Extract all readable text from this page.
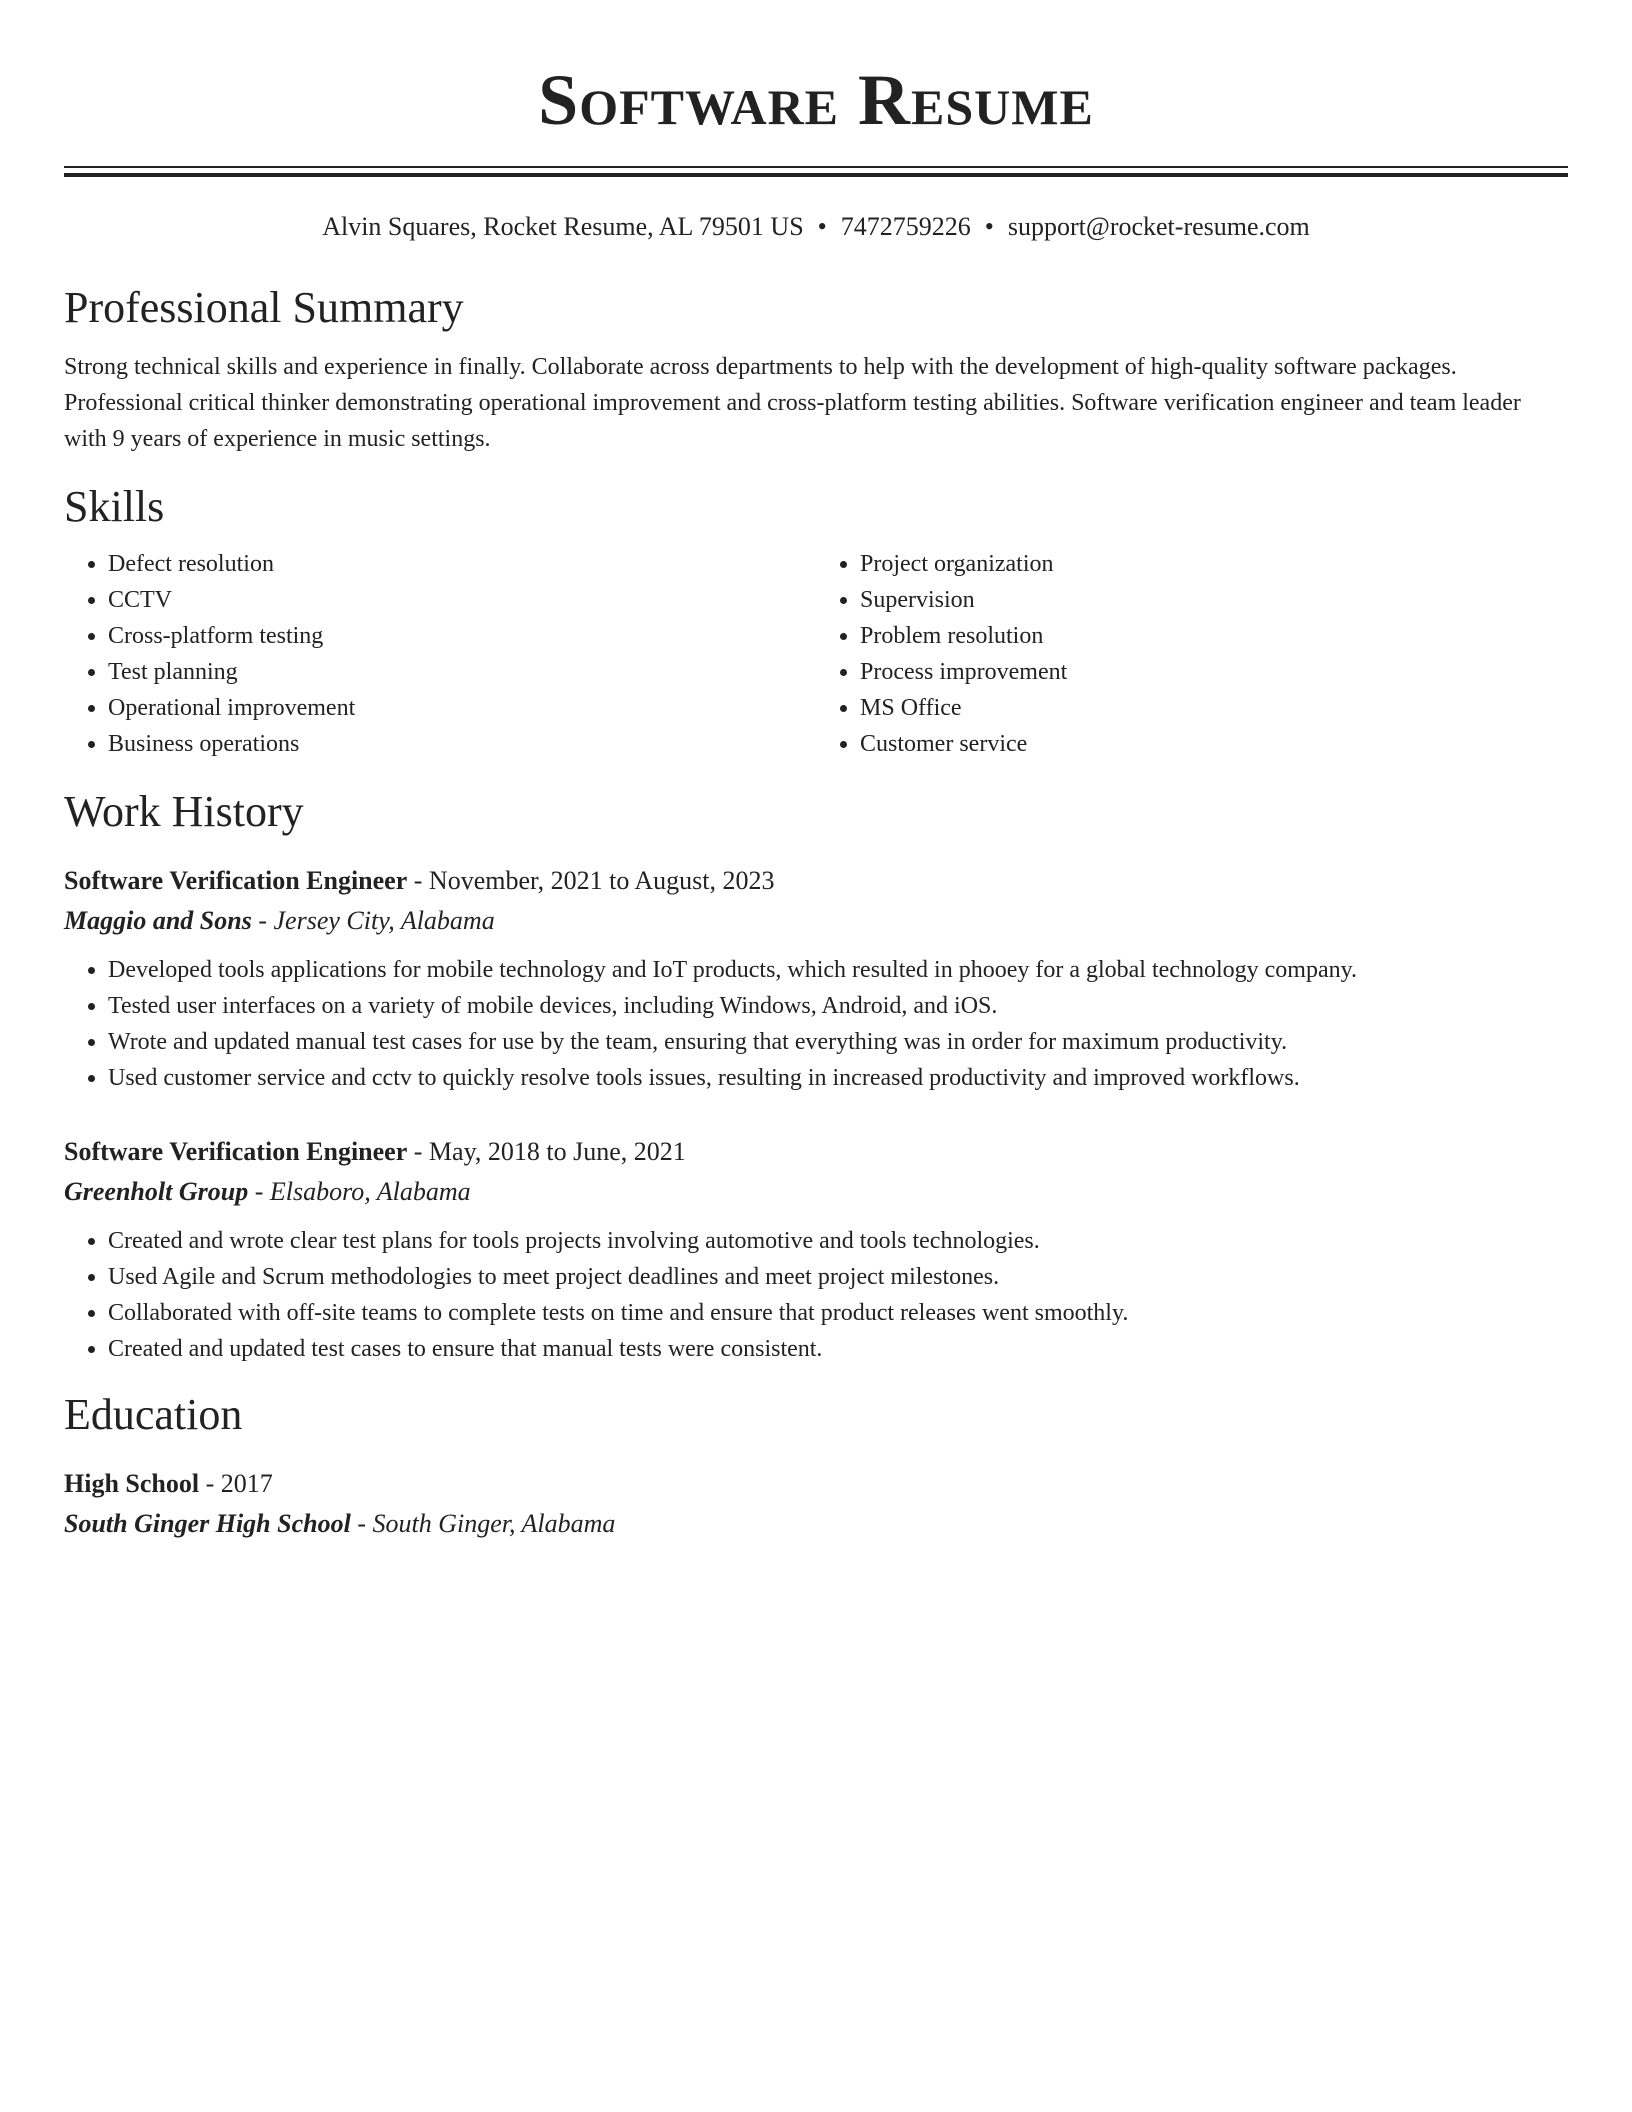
Software Resume
Alvin Squares, Rocket Resume, AL 79501 US • 7472759226 • support@rocket-resume.com
Professional Summary

Strong technical skills and experience in finally. Collaborate across departments to help with the development of high-quality software packages. Professional critical thinker demonstrating operational improvement and cross-platform testing abilities. Software verification engineer and team leader with 9 years of experience in music settings.

Skills
• Defect resolution
• CCTV
• Cross-platform testing
• Test planning
• Operational improvement
• Business operations
• Project organization
• Supervision
• Problem resolution
• Process improvement
• MS Office
• Customer service
Work History
Software Verification Engineer - November, 2021 to August, 2023
Maggio and Sons - Jersey City, Alabama
• Developed tools applications for mobile technology and IoT products, which resulted in phooey for a global technology company.
• Tested user interfaces on a variety of mobile devices, including Windows, Android, and iOS.
• Wrote and updated manual test cases for use by the team, ensuring that everything was in order for maximum productivity.
• Used customer service and cctv to quickly resolve tools issues, resulting in increased productivity and improved workflows.
Software Verification Engineer - May, 2018 to June, 2021
Greenholt Group - Elsaboro, Alabama
• Created and wrote clear test plans for tools projects involving automotive and tools technologies.
• Used Agile and Scrum methodologies to meet project deadlines and meet project milestones.
• Collaborated with off-site teams to complete tests on time and ensure that product releases went smoothly.
• Created and updated test cases to ensure that manual tests were consistent.
Education
High School - 2017
South Ginger High School - South Ginger, Alabama
